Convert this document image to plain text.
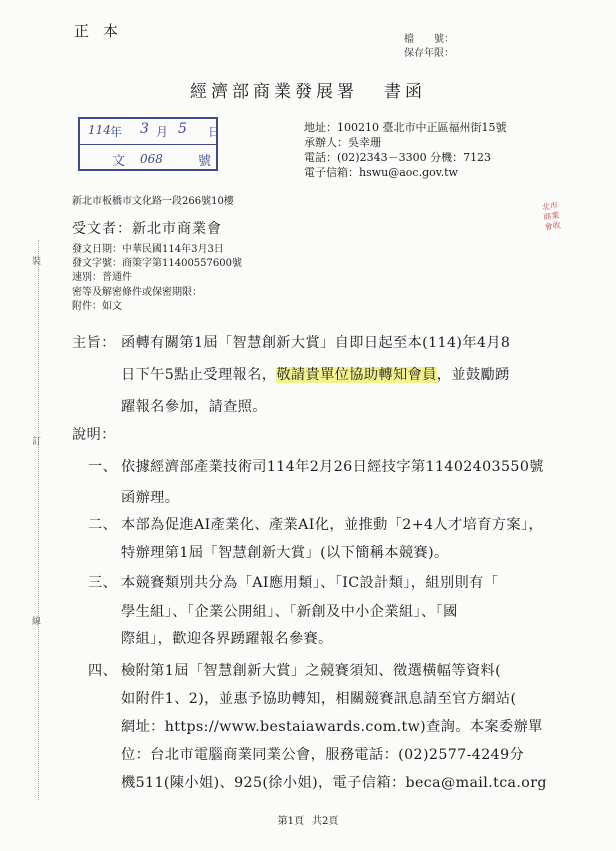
正本	檔　　號：
保存年限：
經濟部商業發展署 書函
114 年 3 月 5 日
文 068	號
地址：100210 臺北市中正區福州街15號
承辦人：吳幸珊
電話：(02)2343－3300 分機：7123
電子信箱：hswu@aoc.gov.tw
新北市板橋市文化路一段266號10樓
受文者：新北市商業會
發文日期：中華民國114年3月3日
發文字號：商策字第11400557600號
速別：普通件
密等及解密條件或保密期限：
附件：如文
北市
商業
會收
裝
訂
線
主旨： 函轉有關第1屆「智慧創新大賞」自即日起至本(114)年4月8
日下午5點止受理報名，敬請貴單位協助轉知會員，並鼓勵踴
躍報名參加，請查照。
說明：
一、 依據經濟部產業技術司114年2月26日經技字第11402403550號
函辦理。
二、 本部為促進AI產業化、產業AI化，並推動「2+4人才培育方案」，
特辦理第1屆「智慧創新大賞」(以下簡稱本競賽)。
三、 本競賽類別共分為「AI應用類」、「IC設計類」，組別則有「
學生組」、「企業公開組」、「新創及中小企業組」、「國
際組」，歡迎各界踴躍報名參賽。
四、 檢附第1屆「智慧創新大賞」之競賽須知、徵選橫幅等資料(
如附件1、2)，並惠予協助轉知，相關競賽訊息請至官方網站(
網址：https://www.bestaiawards.com.tw)查詢。本案委辦單
位：台北市電腦商業同業公會，服務電話：(02)2577-4249分
機511(陳小姐)、925(徐小姐)，電子信箱：beca@mail.tca.org
第1頁 共2頁
